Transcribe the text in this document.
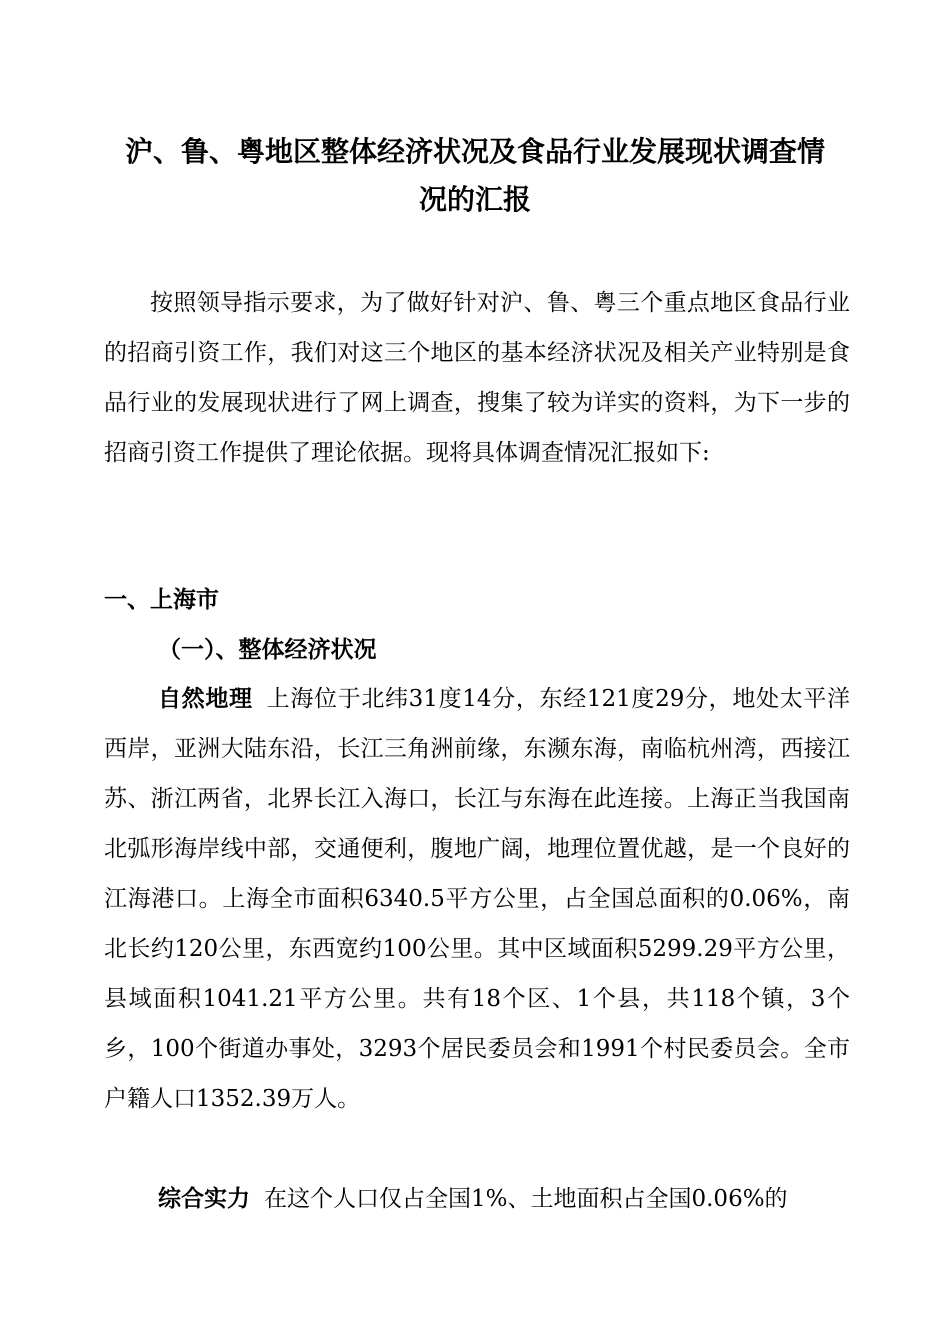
沪、鲁、粤地区整体经济状况及食品行业发展现状调查情
况的汇报

按照领导指示要求，为了做好针对沪、鲁、粤三个重点地区食品行业的招商引资工作，我们对这三个地区的基本经济状况及相关产业特别是食品行业的发展现状进行了网上调查，搜集了较为详实的资料，为下一步的招商引资工作提供了理论依据。现将具体调查情况汇报如下:

一、上海市
（一）、整体经济状况

自然地理 上海位于北纬31度14分，东经121度29分，地处太平洋西岸，亚洲大陆东沿，长江三角洲前缘，东濒东海，南临杭州湾，西接江苏、浙江两省，北界长江入海口，长江与东海在此连接。上海正当我国南北弧形海岸线中部，交通便利，腹地广阔，地理位置优越，是一个良好的江海港口。上海全市面积6340.5平方公里，占全国总面积的0.06%，南北长约120公里，东西宽约100公里。其中区域面积5299.29平方公里，县域面积1041.21平方公里。共有18个区、1个县，共118个镇，3个乡，100个街道办事处，3293个居民委员会和1991个村民委员会。全市户籍人口1352.39万人。

综合实力 在这个人口仅占全国1%、土地面积占全国0.06%的
